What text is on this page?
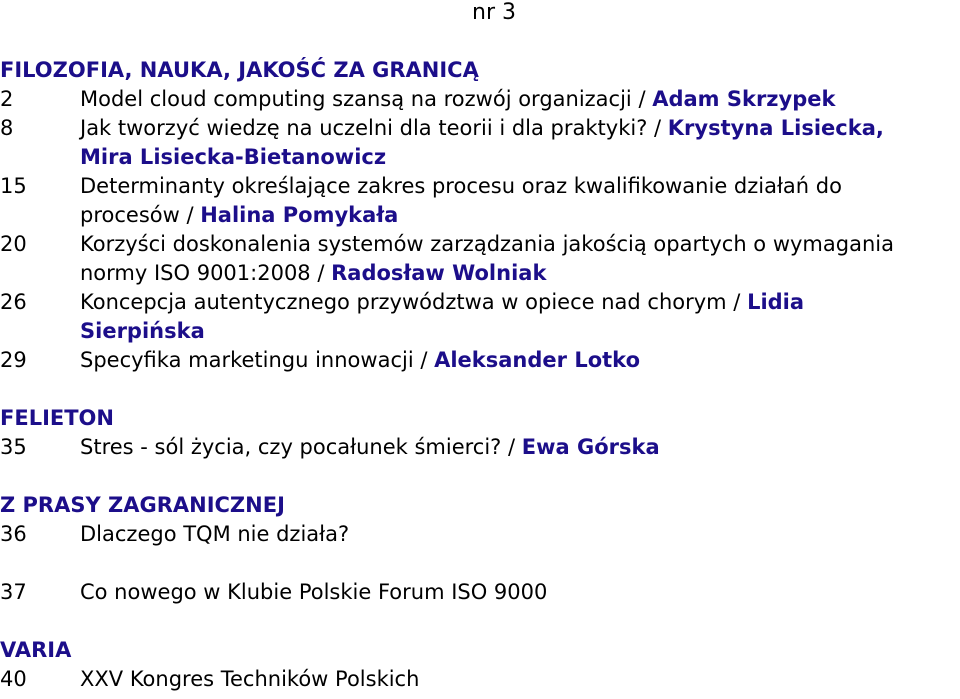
nr 3
FILOZOFIA, NAUKA, JAKOŚĆ ZA GRANICĄ
2	Model cloud computing szansą na rozwój organizacji / Adam Skrzypek
8	Jak tworzyć wiedzę na uczelni dla teorii i dla praktyki? / Krystyna Lisiecka, Mira Lisiecka-Bietanowicz
15	Determinanty określające zakres procesu oraz kwalifikowanie działań do procesów / Halina Pomykała
20	Korzyści doskonalenia systemów zarządzania jakością opartych o wymagania normy ISO 9001:2008 / Radosław Wolniak
26	Koncepcja autentycznego przywództwa w opiece nad chorym / Lidia Sierpińska
29	Specyfika marketingu innowacji / Aleksander Lotko
FELIETON
35	Stres - sól życia, czy pocałunek śmierci? / Ewa Górska
Z PRASY ZAGRANICZNEJ
36	Dlaczego TQM nie działa?
37	Co nowego w Klubie Polskie Forum ISO 9000
VARIA
40	XXV Kongres Techników Polskich
